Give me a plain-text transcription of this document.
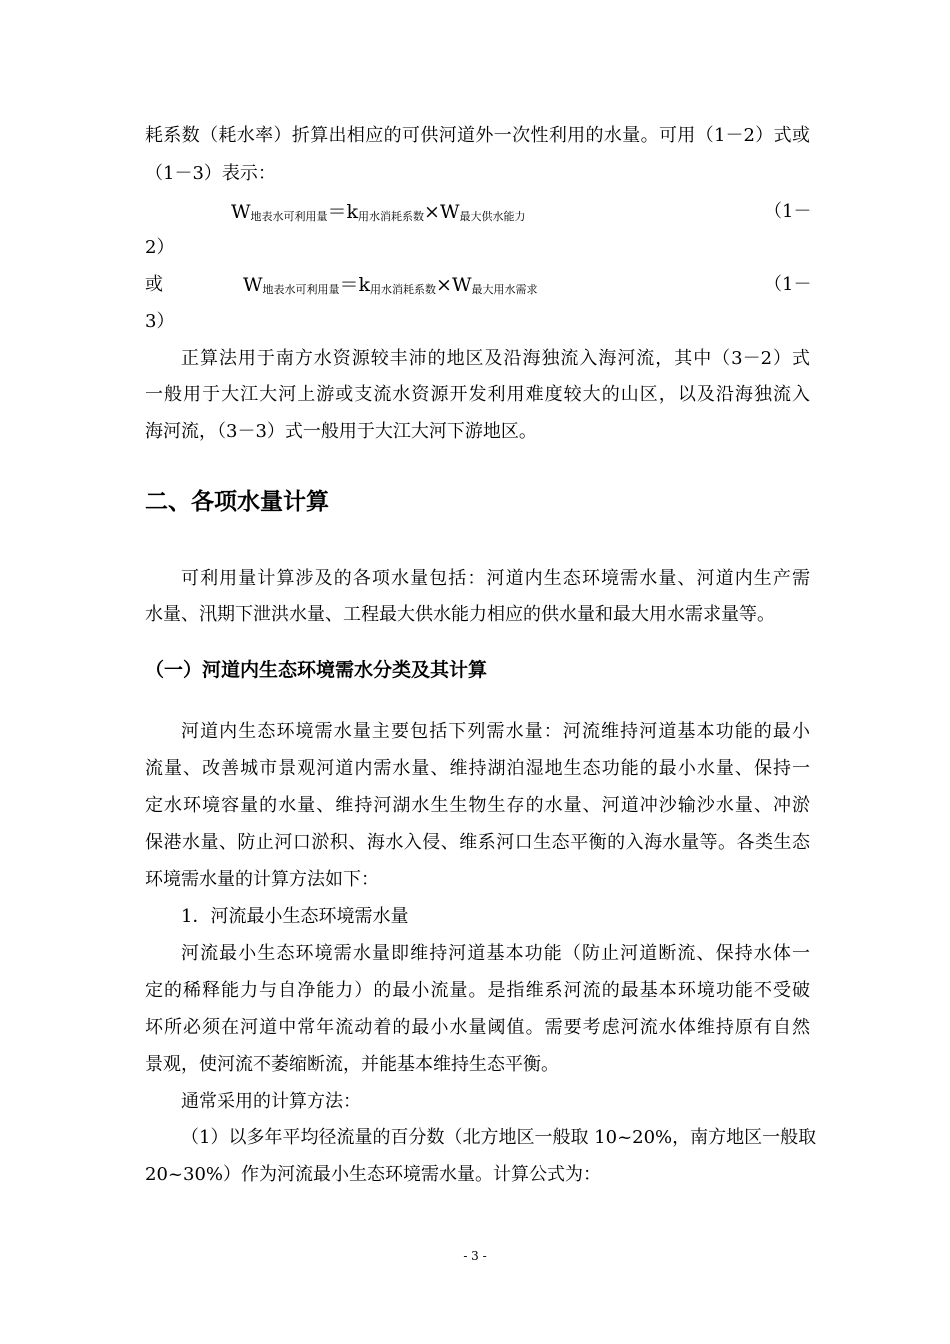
耗系数（耗水率）折算出相应的可供河道外一次性利用的水量。可用（1－2）式或
（1－3）表示：
W地表水可利用量＝k用水消耗系数×W最大供水能力	（1－
2）
或	W地表水可利用量＝k用水消耗系数×W最大用水需求	（1－
3）
正算法用于南方水资源较丰沛的地区及沿海独流入海河流，其中（3－2）式
一般用于大江大河上游或支流水资源开发利用难度较大的山区，以及沿海独流入
海河流，（3－3）式一般用于大江大河下游地区。
二、各项水量计算
可利用量计算涉及的各项水量包括：河道内生态环境需水量、河道内生产需
水量、汛期下泄洪水量、工程最大供水能力相应的供水量和最大用水需求量等。
（一）河道内生态环境需水分类及其计算
河道内生态环境需水量主要包括下列需水量：河流维持河道基本功能的最小
流量、改善城市景观河道内需水量、维持湖泊湿地生态功能的最小水量、保持一
定水环境容量的水量、维持河湖水生生物生存的水量、河道冲沙输沙水量、冲淤
保港水量、防止河口淤积、海水入侵、维系河口生态平衡的入海水量等。各类生态
环境需水量的计算方法如下：
1．河流最小生态环境需水量
河流最小生态环境需水量即维持河道基本功能（防止河道断流、保持水体一
定的稀释能力与自净能力）的最小流量。是指维系河流的最基本环境功能不受破
坏所必须在河道中常年流动着的最小水量阈值。需要考虑河流水体维持原有自然
景观，使河流不萎缩断流，并能基本维持生态平衡。
通常采用的计算方法：
（1）以多年平均径流量的百分数（北方地区一般取 10~20%，南方地区一般取
20~30%）作为河流最小生态环境需水量。计算公式为：
- 3 -
